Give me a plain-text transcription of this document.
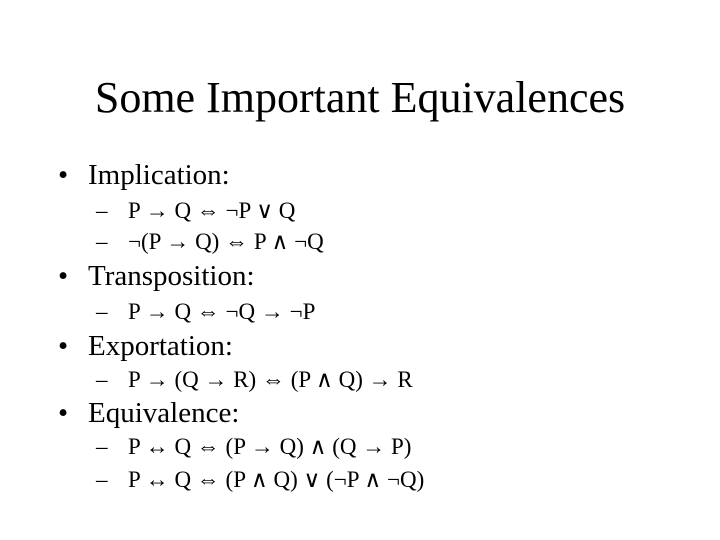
Some Important Equivalences
• Implication:
– P → Q ⇔ ¬P ∨ Q
– ¬(P → Q) ⇔ P ∧ ¬Q
• Transposition:
– P → Q ⇔ ¬Q → ¬P
• Exportation:
– P → (Q → R) ⇔ (P ∧ Q) → R
• Equivalence:
– P ↔ Q ⇔ (P → Q) ∧ (Q → P)
– P ↔ Q ⇔ (P ∧ Q) ∨ (¬P ∧ ¬Q)
